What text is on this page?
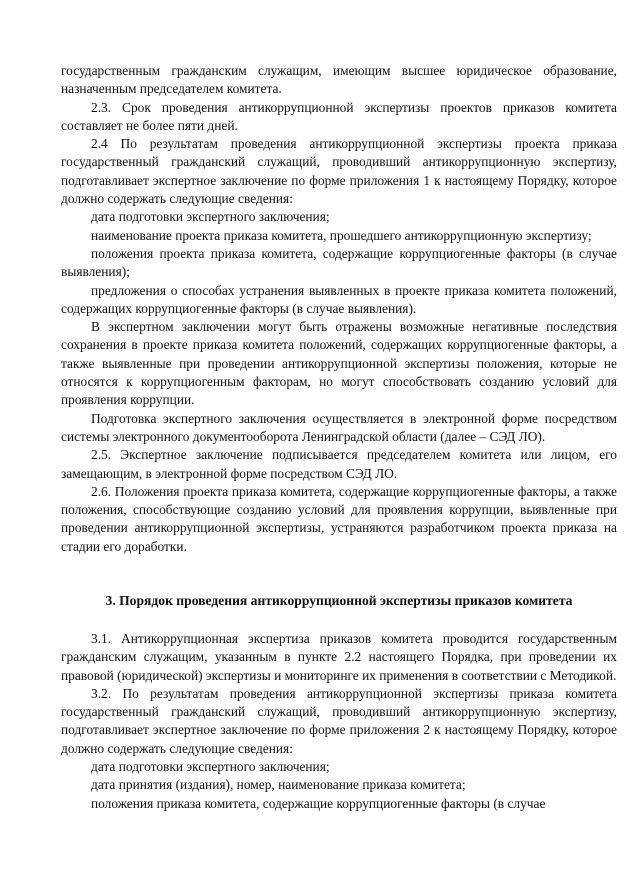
государственным гражданским служащим, имеющим высшее юридическое образование, назначенным председателем комитета.
2.3. Срок проведения антикоррупционной экспертизы проектов приказов комитета составляет не более пяти дней.
2.4 По результатам проведения антикоррупционной экспертизы проекта приказа государственный гражданский служащий, проводивший антикоррупционную экспертизу, подготавливает экспертное заключение по форме приложения 1 к настоящему Порядку, которое должно содержать следующие сведения:
дата подготовки экспертного заключения;
наименование проекта приказа комитета, прошедшего антикоррупционную экспертизу;
положения проекта приказа комитета, содержащие коррупциогенные факторы (в случае выявления);
предложения о способах устранения выявленных в проекте приказа комитета положений, содержащих коррупциогенные факторы (в случае выявления).
В экспертном заключении могут быть отражены возможные негативные последствия сохранения в проекте приказа комитета положений, содержащих коррупциогенные факторы, а также выявленные при проведении антикоррупционной экспертизы положения, которые не относятся к коррупциогенным факторам, но могут способствовать созданию условий для проявления коррупции.
Подготовка экспертного заключения осуществляется в электронной форме посредством системы электронного документооборота Ленинградской области (далее – СЭД ЛО).
2.5. Экспертное заключение подписывается председателем комитета или лицом, его замещающим, в электронной форме посредством СЭД ЛО.
2.6. Положения проекта приказа комитета, содержащие коррупциогенные факторы, а также положения, способствующие созданию условий для проявления коррупции, выявленные при проведении антикоррупционной экспертизы, устраняются разработчиком проекта приказа на стадии его доработки.
3. Порядок проведения антикоррупционной экспертизы приказов комитета
3.1. Антикоррупционная экспертиза приказов комитета проводится государственным гражданским служащим, указанным в пункте 2.2 настоящего Порядка, при проведении их правовой (юридической) экспертизы и мониторинге их применения в соответствии с Методикой.
3.2. По результатам проведения антикоррупционной экспертизы приказа комитета государственный гражданский служащий, проводивший антикоррупционную экспертизу, подготавливает экспертное заключение по форме приложения 2 к настоящему Порядку, которое должно содержать следующие сведения:
дата подготовки экспертного заключения;
дата принятия (издания), номер, наименование приказа комитета;
положения приказа комитета, содержащие коррупциогенные факторы (в случае
